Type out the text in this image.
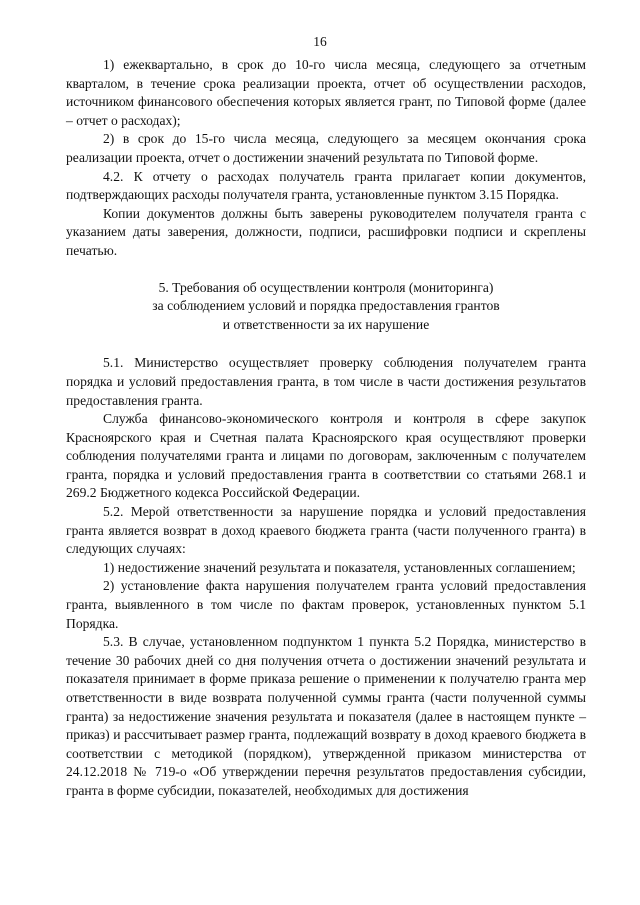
16

1) ежеквартально, в срок до 10-го числа месяца, следующего за отчетным кварталом, в течение срока реализации проекта, отчет об осуществлении расходов, источником финансового обеспечения которых является грант, по Типовой форме (далее – отчет о расходах);

2) в срок до 15-го числа месяца, следующего за месяцем окончания срока реализации проекта, отчет о достижении значений результата по Типовой форме.

4.2. К отчету о расходах получатель гранта прилагает копии документов, подтверждающих расходы получателя гранта, установленные пунктом 3.15 Порядка.

Копии документов должны быть заверены руководителем получателя гранта с указанием даты заверения, должности, подписи, расшифровки подписи и скреплены печатью.

5. Требования об осуществлении контроля (мониторинга)
за соблюдением условий и порядка предоставления грантов
и ответственности за их нарушение

5.1. Министерство осуществляет проверку соблюдения получателем гранта порядка и условий предоставления гранта, в том числе в части достижения результатов предоставления гранта.

Служба финансово-экономического контроля и контроля в сфере закупок Красноярского края и Счетная палата Красноярского края осуществляют проверки соблюдения получателями гранта и лицами по договорам, заключенным с получателем гранта, порядка и условий предоставления гранта в соответствии со статьями 268.1 и 269.2 Бюджетного кодекса Российской Федерации.

5.2. Мерой ответственности за нарушение порядка и условий предоставления гранта является возврат в доход краевого бюджета гранта (части полученного гранта) в следующих случаях:

1) недостижение значений результата и показателя, установленных соглашением;

2) установление факта нарушения получателем гранта условий предоставления гранта, выявленного в том числе по фактам проверок, установленных пунктом 5.1 Порядка.

5.3. В случае, установленном подпунктом 1 пункта 5.2 Порядка, министерство в течение 30 рабочих дней со дня получения отчета о достижении значений результата и показателя принимает в форме приказа решение о применении к получателю гранта мер ответственности в виде возврата полученной суммы гранта (части полученной суммы гранта) за недостижение значения результата и показателя (далее в настоящем пункте – приказ) и рассчитывает размер гранта, подлежащий возврату в доход краевого бюджета в соответствии с методикой (порядком), утвержденной приказом министерства от 24.12.2018 № 719-о «Об утверждении перечня результатов предоставления субсидии, гранта в форме субсидии, показателей, необходимых для достижения
